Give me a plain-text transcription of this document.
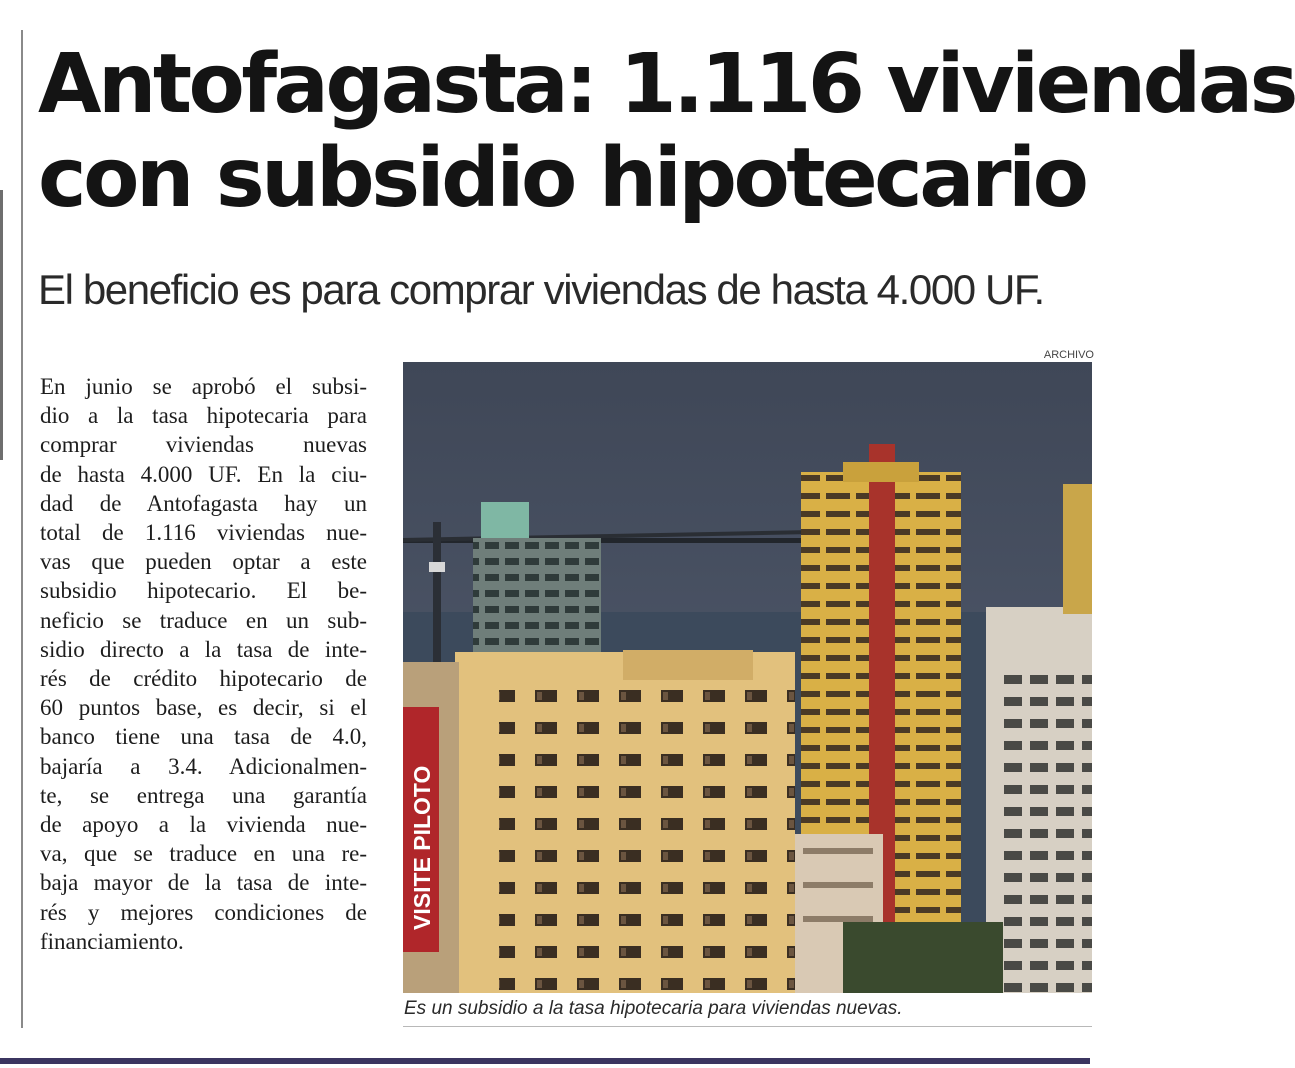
Antofagasta: 1.116 viviendas
con subsidio hipotecario
El beneficio es para comprar viviendas de hasta 4.000 UF.
En junio se aprobó el subsi-
dio a la tasa hipotecaria para
comprar viviendas nuevas
de hasta 4.000 UF. En la ciu-
dad de Antofagasta hay un
total de 1.116 viviendas nue-
vas que pueden optar a este
subsidio hipotecario. El be-
neficio se traduce en un sub-
sidio directo a la tasa de inte-
rés de crédito hipotecario de
60 puntos base, es decir, si el
banco tiene una tasa de 4.0,
bajaría a 3.4. Adicionalmen-
te, se entrega una garantía
de apoyo a la vivienda nue-
va, que se traduce en una re-
baja mayor de la tasa de inte-
rés y mejores condiciones de
financiamiento.
ARCHIVO
VISITE PILOTO

Es un subsidio a la tasa hipotecaria para viviendas nuevas.
